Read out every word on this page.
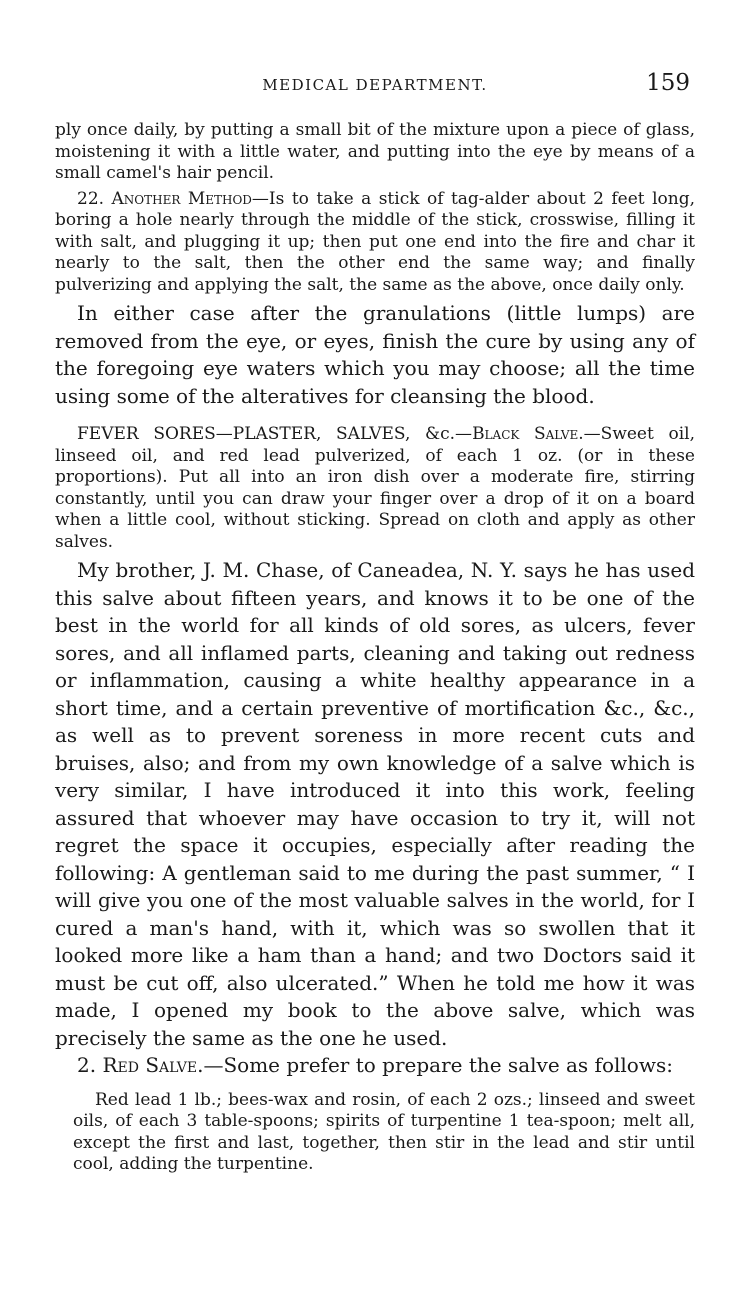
MEDICAL DEPARTMENT.	159

ply once daily, by putting a small bit of the mixture upon a piece of glass, moistening it with a little water, and putting into the eye by means of a small camel's hair pencil.

22. Another Method—Is to take a stick of tag-alder about 2 feet long, boring a hole nearly through the middle of the stick, crosswise, filling it with salt, and plugging it up; then put one end into the fire and char it nearly to the salt, then the other end the same way; and finally pulverizing and applying the salt, the same as the above, once daily only.

In either case after the granulations (little lumps) are removed from the eye, or eyes, finish the cure by using any of the foregoing eye waters which you may choose; all the time using some of the alteratives for cleansing the blood.

FEVER SORES—PLASTER, SALVES, &c.—Black Salve.—Sweet oil, linseed oil, and red lead pulverized, of each 1 oz. (or in these proportions). Put all into an iron dish over a moderate fire, stirring constantly, until you can draw your finger over a drop of it on a board when a little cool, without sticking. Spread on cloth and apply as other salves.

My brother, J. M. Chase, of Caneadea, N. Y. says he has used this salve about fifteen years, and knows it to be one of the best in the world for all kinds of old sores, as ulcers, fever sores, and all inflamed parts, cleaning and taking out redness or inflammation, causing a white healthy appearance in a short time, and a certain preventive of mortification &c., &c., as well as to prevent soreness in more recent cuts and bruises, also; and from my own knowledge of a salve which is very similar, I have introduced it into this work, feeling assured that whoever may have occasion to try it, will not regret the space it occupies, especially after reading the following: A gentleman said to me during the past summer, “ I will give you one of the most valuable salves in the world, for I cured a man's hand, with it, which was so swollen that it looked more like a ham than a hand; and two Doctors said it must be cut off, also ulcerated.” When he told me how it was made, I opened my book to the above salve, which was precisely the same as the one he used.

2. Red Salve.—Some prefer to prepare the salve as follows:

Red lead 1 lb.; bees-wax and rosin, of each 2 ozs.; linseed and sweet oils, of each 3 table-spoons; spirits of turpentine 1 tea-spoon; melt all, except the first and last, together, then stir in the lead and stir until cool, adding the turpentine.
